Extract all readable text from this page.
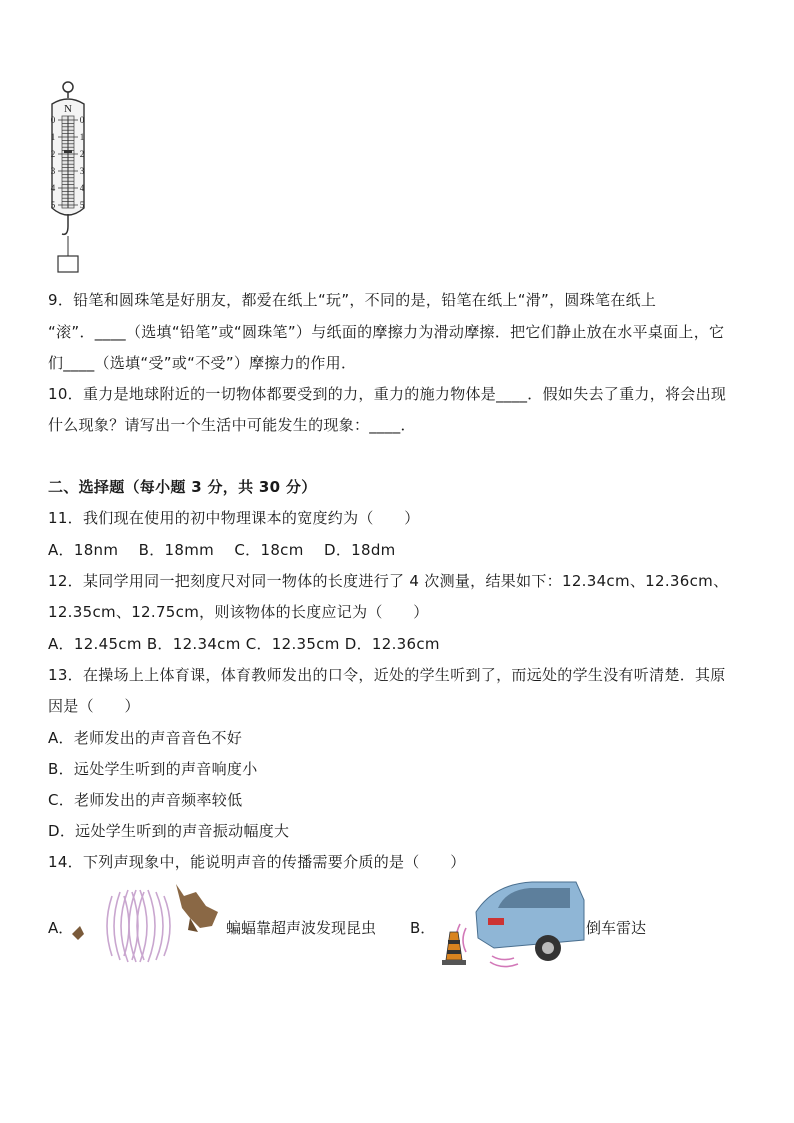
N
0	0
1	1
2	2
3	3
4	4
5	5
9．铅笔和圆珠笔是好朋友，都爱在纸上“玩”，不同的是，铅笔在纸上“滑”，圆珠笔在纸上
“滚”．____（选填“铅笔”或“圆珠笔”）与纸面的摩擦力为滑动摩擦．把它们静止放在水平桌面上，它
们____（选填“受”或“不受”）摩擦力的作用．
10．重力是地球附近的一切物体都要受到的力，重力的施力物体是____．假如失去了重力，将会出现
什么现象？请写出一个生活中可能发生的现象：____．
二、选择题（每小题 3 分，共 30 分）
11．我们现在使用的初中物理课本的宽度约为（　　）
A．18nm　 B．18mm　 C．18cm　 D．18dm
12．某同学用同一把刻度尺对同一物体的长度进行了 4 次测量，结果如下：12.34cm、12.36cm、
12.35cm、12.75cm，则该物体的长度应记为（　　）
A．12.45cm B．12.34cm C．12.35cm D．12.36cm
13．在操场上上体育课，体育教师发出的口令，近处的学生听到了，而远处的学生没有听清楚．其原
因是（　　）
A．老师发出的声音音色不好
B．远处学生听到的声音响度小
C．老师发出的声音频率较低
D．远处学生听到的声音振动幅度大
14．下列声现象中，能说明声音的传播需要介质的是（　　）
A．	蝙蝠靠超声波发现昆虫 B．	倒车雷达
